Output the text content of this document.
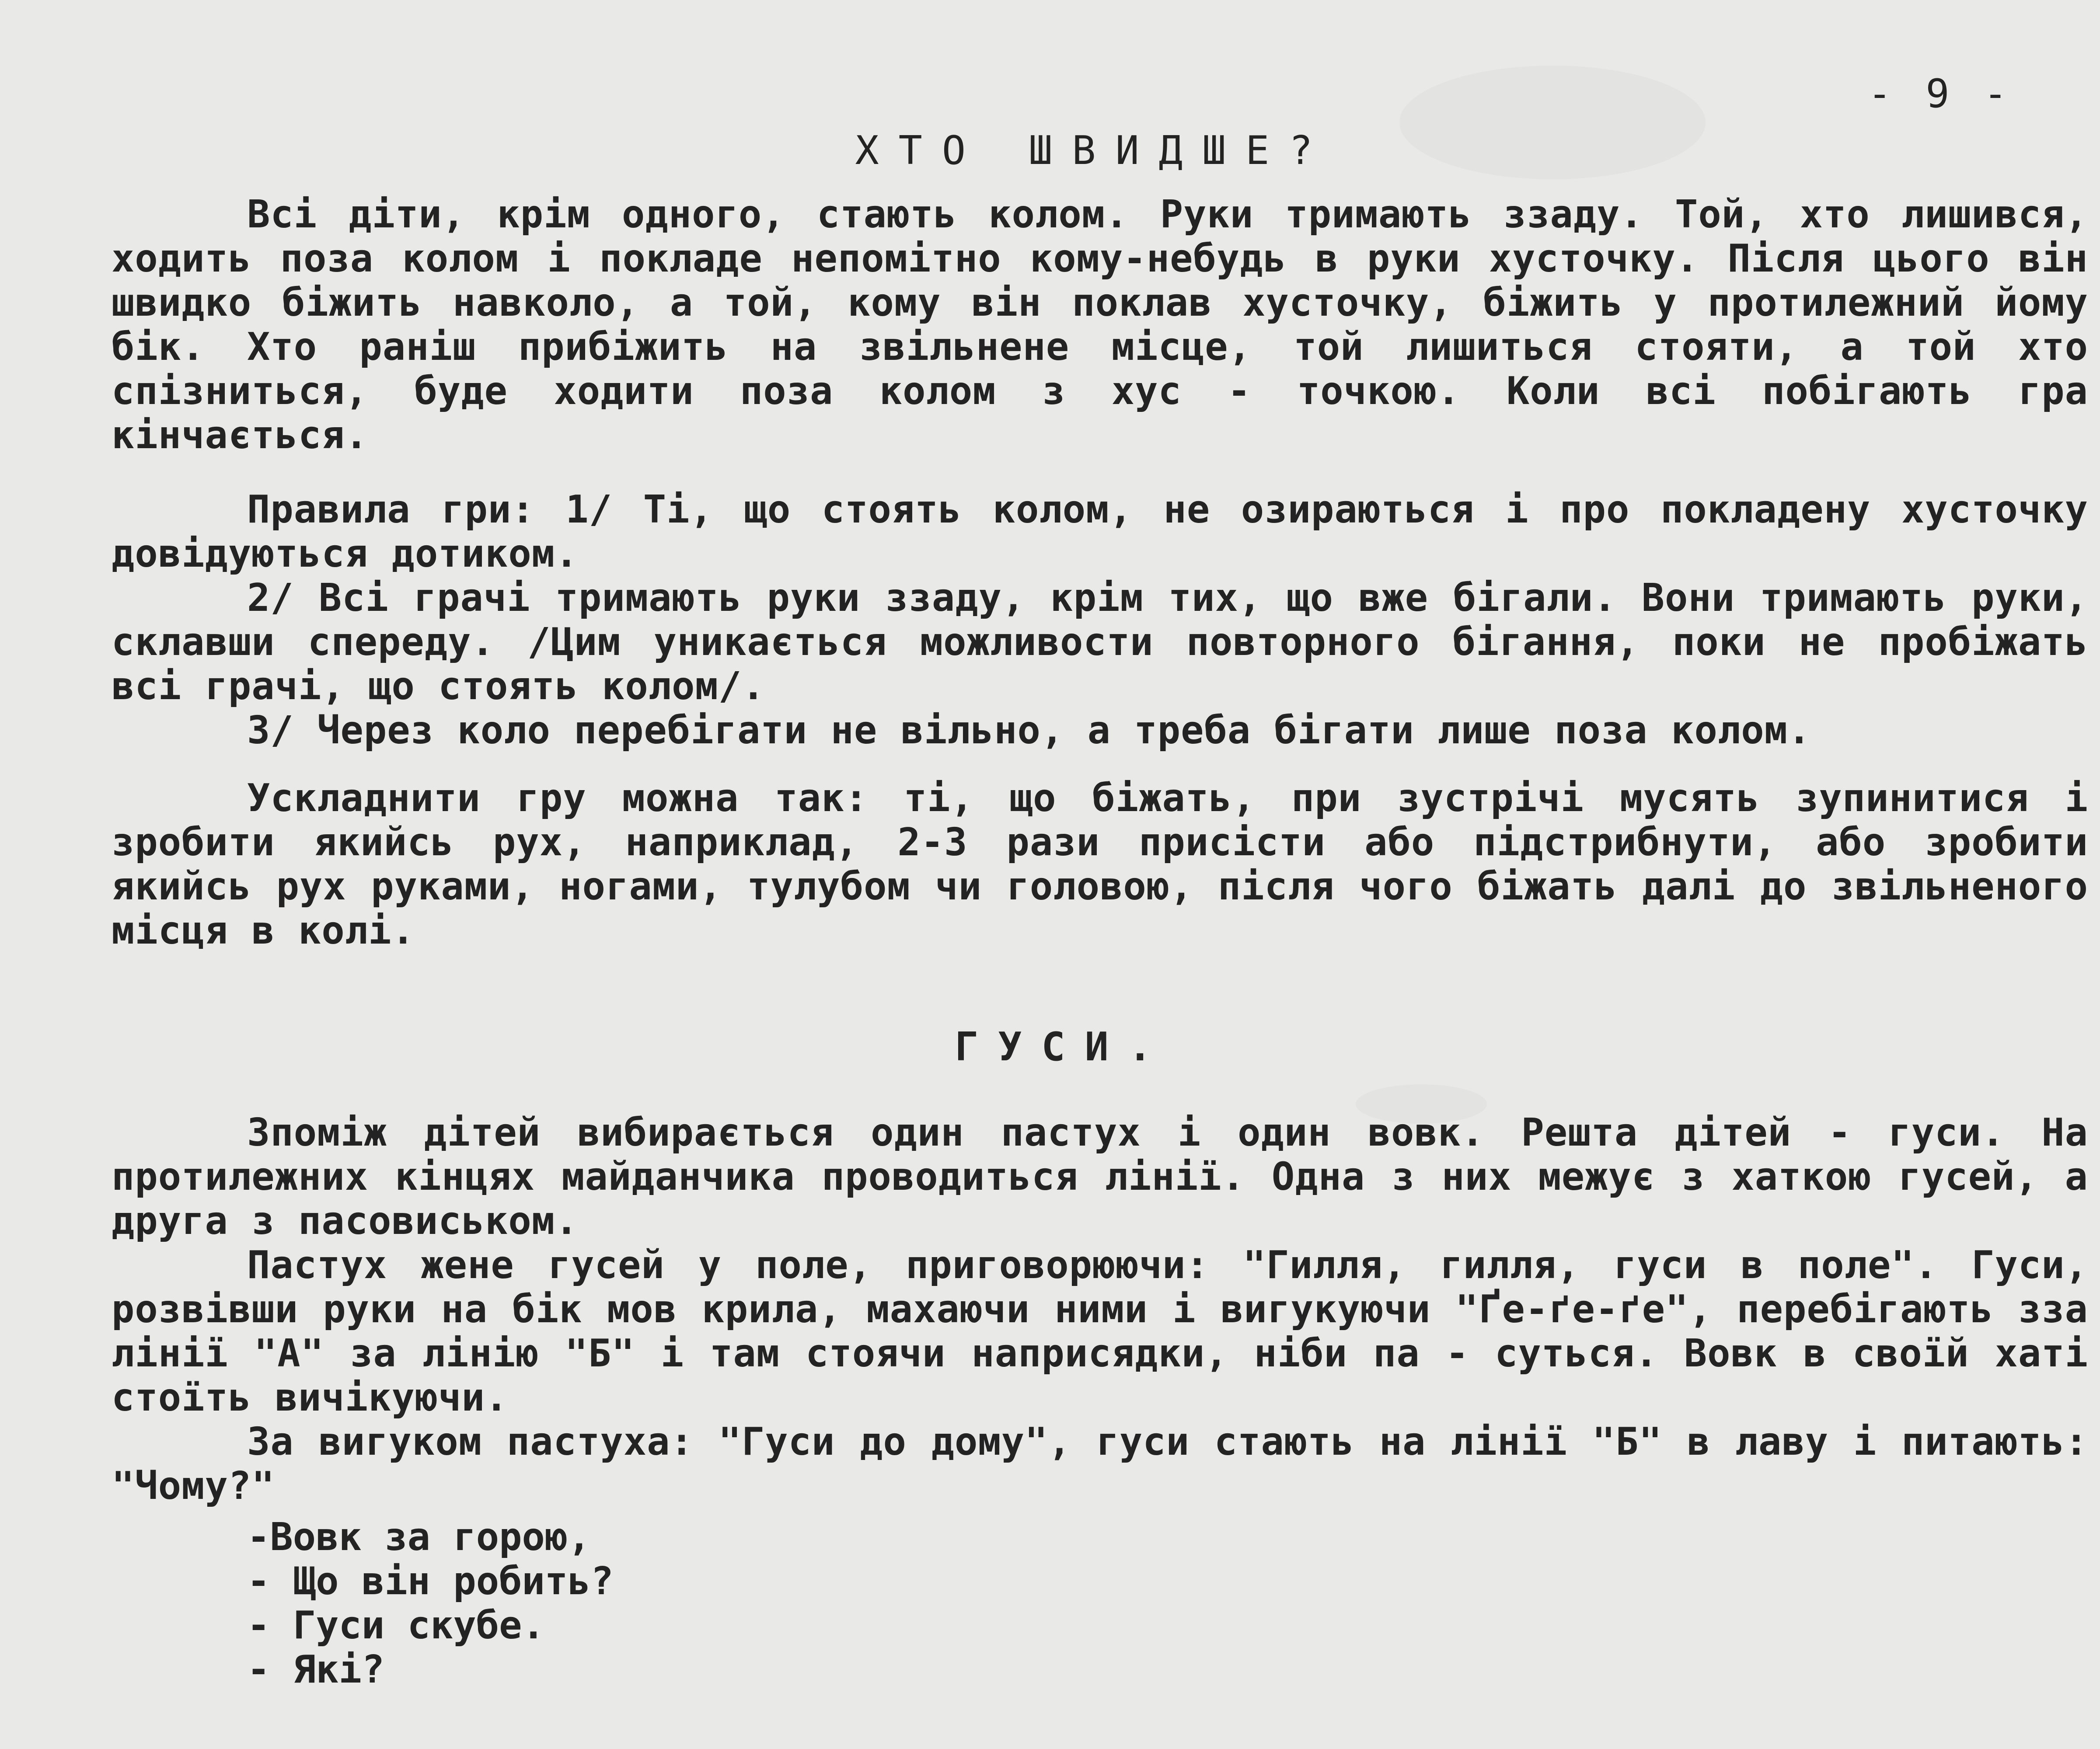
- 9 -
ХТО ШВИДШЕ?

Всі діти, крім одного, стають колом. Руки тримають ззаду. Той, хто лишився, ходить поза колом і покладе непомітно кому-небудь в руки хусточку. Після цього він швидко біжить навколо, а той, кому він поклав хусточку, біжить у протилежний йому бік. Хто раніш прибіжить на звільнене місце, той лишиться стояти, а той хто спізниться, буде ходити поза колом з хус - точкою. Коли всі побігають гра кінчається.

Правила гри: 1/ Ті, що стоять колом, не озираються і про покладену хусточку довідуються дотиком.

2/ Всі грачі тримають руки ззаду, крім тих, що вже бігали. Вони тримають руки, склавши спереду. /Цим уникається можливости повторного бігання, поки не пробіжать всі грачі, що стоять колом/.

3/ Через коло перебігати не вільно, а треба бігати лише поза колом.

Ускладнити гру можна так: ті, що біжать, при зустрічі мусять зупинитися і зробити якийсь рух, наприклад, 2-3 рази присісти або підстрибнути, або зробити якийсь рух руками, ногами, тулубом чи головою, після чого біжать далі до звільненого місця в колі.

ГУСИ.

Зпоміж дітей вибирається один пастух і один вовк. Решта дітей - гуси. На протилежних кінцях майданчика проводиться лінії. Одна з них межує з хаткою гусей, а друга з пасовиськом.

Пастух жене гусей у поле, приговорюючи: "Гилля, гилля, гуси в поле". Гуси, розвівши руки на бік мов крила, махаючи ними і вигукуючи "Ґе-ґе-ґе", перебігають зза лінії "А" за лінію "Б" і там стоячи наприсядки, ніби па - суться. Вовк в своїй хаті стоїть вичікуючи.

За вигуком пастуха: "Гуси до дому", гуси стають на лінії "Б" в лаву і питають: "Чому?"

-Вовк за горою,
- Що він робить?
- Гуси скубе.
- Які?
